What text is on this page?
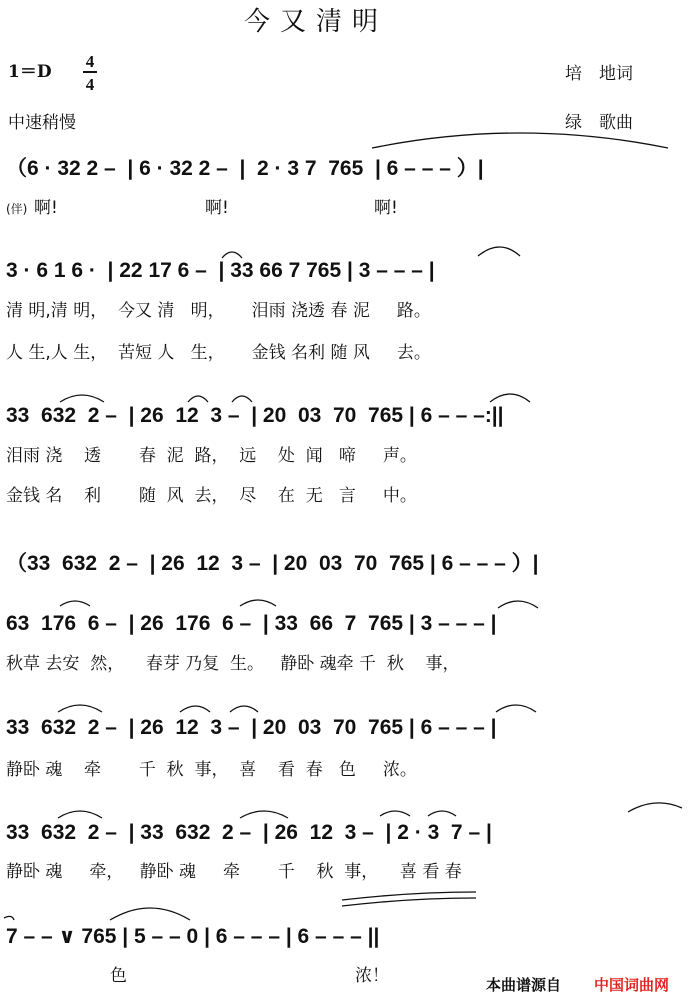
今又清明
1＝D
4
4
中速稍慢
培　地词
绿　歌曲
（6 · 32 2 –  | 6 · 32 2 –  |  2 · 3 7  765  | 6 – – – ）|
(伴) 啊!	啊!	啊!
3 · 6 1 6 ·  | 22 17 6 –  | 33 66 7 765 | 3 – – – |
清 明,清 明，  今又 清   明，     泪雨 浇透 春 泥     路。
人 生,人 生，  苦短 人   生，     金钱 名利 随 风     去。
33  632  2 –  | 26  12  3 –  | 20  03  70  765 | 6 – – –:||
泪雨 浇    透       春  泥  路，  远    处  闻   啼     声。
金钱 名    利       随  风  去，  尽    在  无   言     中。
（33  632  2 –  | 26  12  3 –  | 20  03  70  765 | 6 – – – ）|
63  176  6 –  | 26  176  6 –  | 33  66  7  765 | 3 – – – |
秋草 去安  然，    春芽 乃复  生。   静卧 魂牵 千  秋    事，
33  632  2 –  | 26  12  3 –  | 20  03  70  765 | 6 – – – |
静卧 魂    牵       千  秋  事，  喜    看  春   色     浓。
33  632  2 –  | 33  632  2 –  | 26  12  3 –  | 2 · 3  7 – |
静卧 魂     牵，   静卧 魂     牵       千    秋  事，    喜 看 春
7 – – ∨ 765 | 5 – – 0 | 6 – – – | 6 – – – ||
色	浓！	本曲谱源自 中国词曲网
